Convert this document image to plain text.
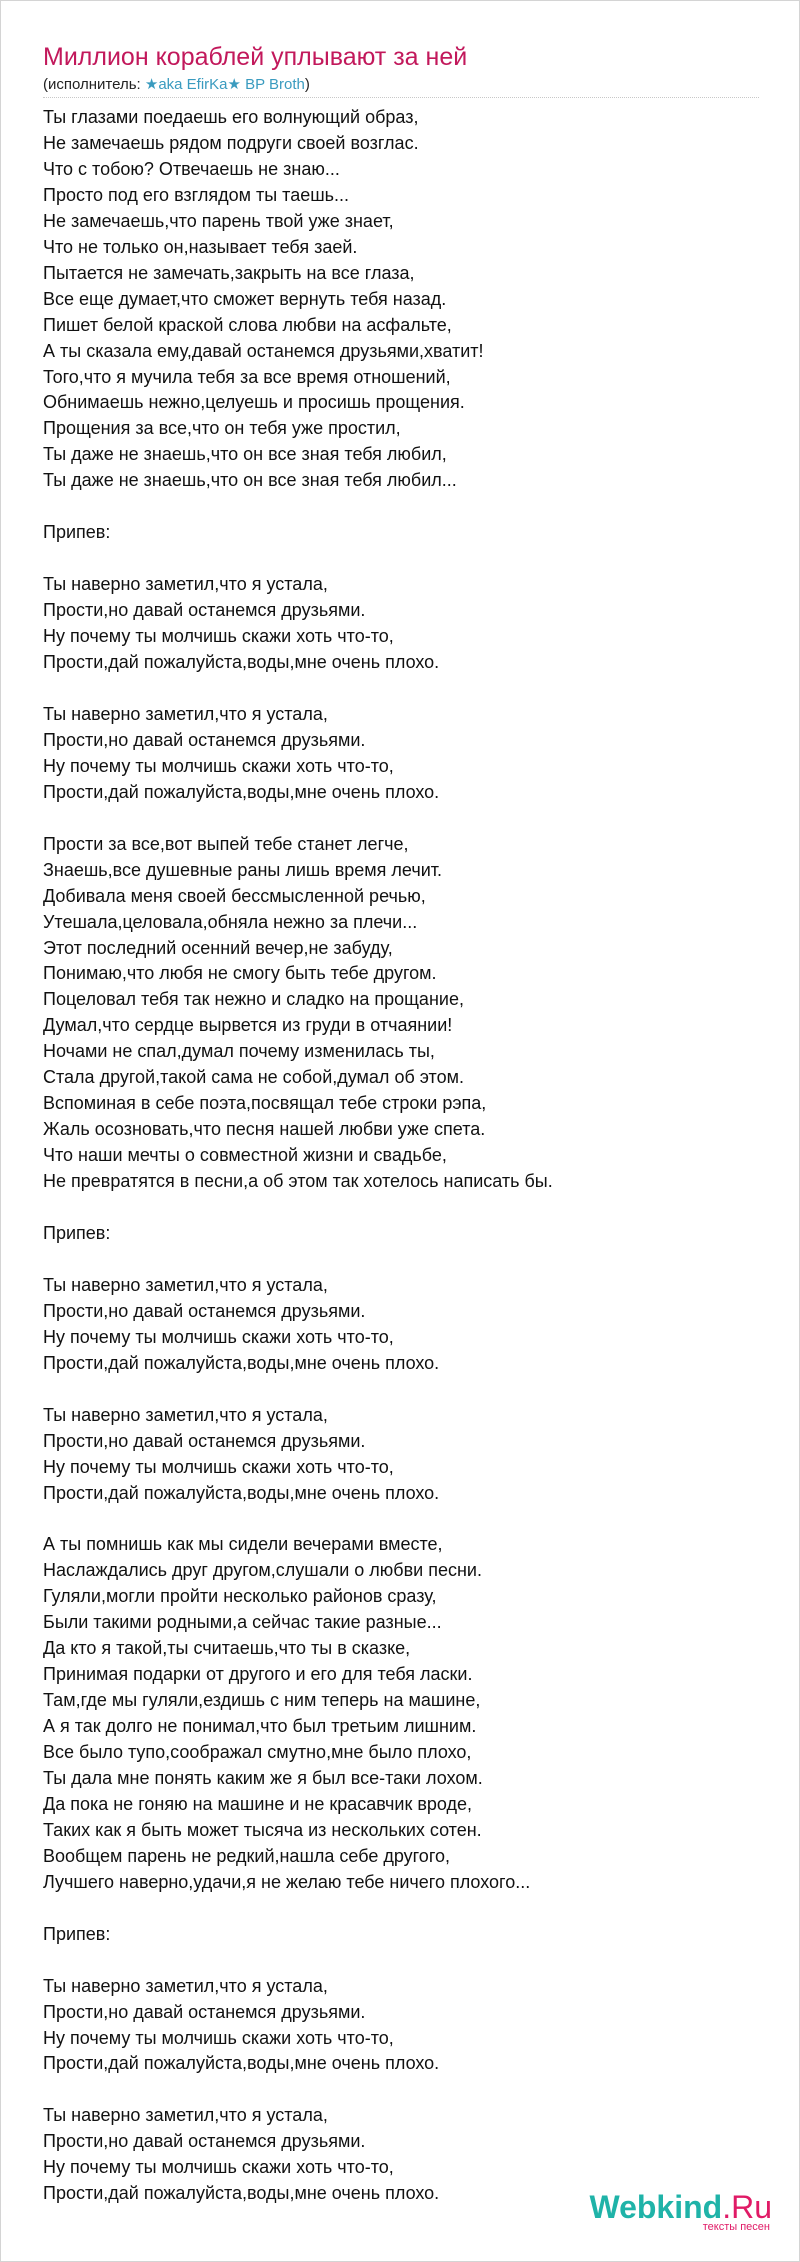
Миллион кораблей уплывают за ней
(исполнитель: ★aka EfirKa★ BP Broth)
Ты глазами поедаешь его волнующий образ,
Не замечаешь рядом подруги своей возглас.
Что с тобою? Отвечаешь не знаю...
Просто под его взглядом ты таешь...
Не замечаешь,что парень твой уже знает,
Что не только он,называет тебя заей.
Пытается не замечать,закрыть на все глаза,
Все еще думает,что сможет вернуть тебя назад.
Пишет белой краской слова любви на асфальте,
А ты сказала ему,давай останемся друзьями,хватит!
Того,что я мучила тебя за все время отношений,
Обнимаешь нежно,целуешь и просишь прощения.
Прощения за все,что он тебя уже простил,
Ты даже не знаешь,что он все зная тебя любил,
Ты даже не знаешь,что он все зная тебя любил...

Припев:

Ты наверно заметил,что я устала,
Прости,но давай останемся друзьями.
Ну почему ты молчишь скажи хоть что-то,
Прости,дай пожалуйста,воды,мне очень плохо.

Ты наверно заметил,что я устала,
Прости,но давай останемся друзьями.
Ну почему ты молчишь скажи хоть что-то,
Прости,дай пожалуйста,воды,мне очень плохо.

Прости за все,вот выпей тебе станет легче,
Знаешь,все душевные раны лишь время лечит.
Добивала меня своей бессмысленной речью,
Утешала,целовала,обняла нежно за плечи...
Этот последний осенний вечер,не забуду,
Понимаю,что любя не смогу быть тебе другом.
Поцеловал тебя так нежно и сладко на прощание,
Думал,что сердце вырвется из груди в отчаянии!
Ночами не спал,думал почему изменилась ты,
Стала другой,такой сама не собой,думал об этом.
Вспоминая в себе поэта,посвящал тебе строки рэпа,
Жаль осозновать,что песня нашей любви уже спета.
Что наши мечты о совместной жизни и свадьбе,
Не превратятся в песни,а об этом так хотелось написать бы.

Припев:

Ты наверно заметил,что я устала,
Прости,но давай останемся друзьями.
Ну почему ты молчишь скажи хоть что-то,
Прости,дай пожалуйста,воды,мне очень плохо.

Ты наверно заметил,что я устала,
Прости,но давай останемся друзьями.
Ну почему ты молчишь скажи хоть что-то,
Прости,дай пожалуйста,воды,мне очень плохо.

А ты помнишь как мы сидели вечерами вместе,
Наслаждались друг другом,слушали о любви песни.
Гуляли,могли пройти несколько районов сразу,
Были такими родными,а сейчас такие разные...
Да кто я такой,ты считаешь,что ты в сказке,
Принимая подарки от другого и его для тебя ласки.
Там,где мы гуляли,ездишь с ним теперь на машине,
А я так долго не понимал,что был третьим лишним.
Все было тупо,соображал смутно,мне было плохо,
Ты дала мне понять каким же я был все-таки лохом.
Да пока не гоняю на машине и не красавчик вроде,
Таких как я быть может тысяча из нескольких сотен.
Вообщем парень не редкий,нашла себе другого,
Лучшего наверно,удачи,я не желаю тебе ничего плохого...

Припев:

Ты наверно заметил,что я устала,
Прости,но давай останемся друзьями.
Ну почему ты молчишь скажи хоть что-то,
Прости,дай пожалуйста,воды,мне очень плохо.

Ты наверно заметил,что я устала,
Прости,но давай останемся друзьями.
Ну почему ты молчишь скажи хоть что-то,
Прости,дай пожалуйста,воды,мне очень плохо.	Webkind.Ru
тексты песен
